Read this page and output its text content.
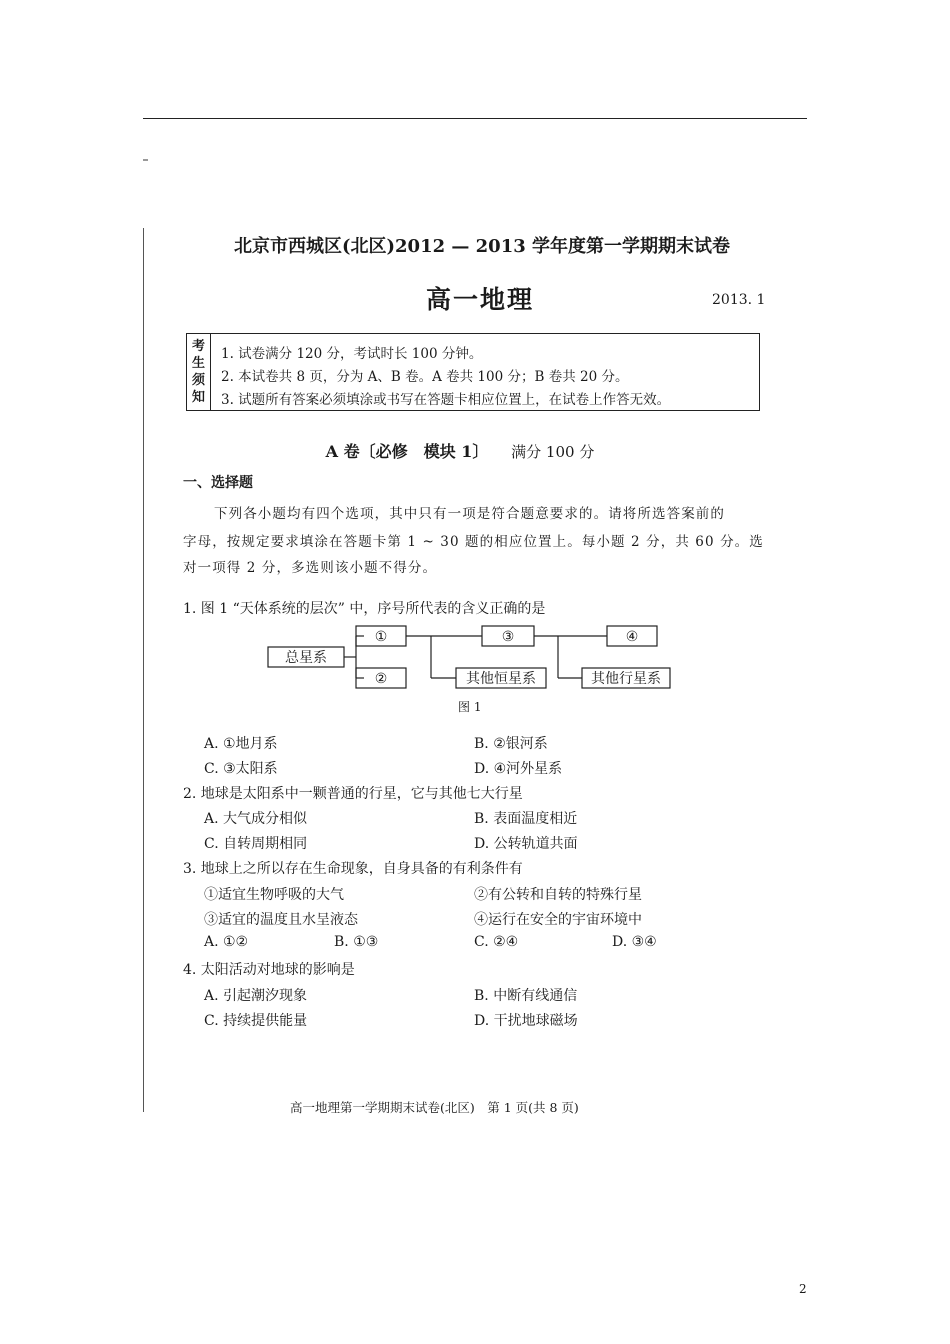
北京市西城区(北区)2012 — 2013 学年度第一学期期末试卷
高一地理	2013. 1
考
生
须
知
1. 试卷满分 120 分，考试时长 100 分钟。
2. 本试卷共 8 页，分为 A、B 卷。A 卷共 100 分；B 卷共 20 分。
3. 试题所有答案必须填涂或书写在答题卡相应位置上，在试卷上作答无效。
A 卷〔必修　模块 1〕 满分 100 分
一、选择题
下列各小题均有四个选项，其中只有一项是符合题意要求的。请将所选答案前的
字母，按规定要求填涂在答题卡第 1 ~ 30 题的相应位置上。每小题 2 分，共 60 分。选
对一项得 2 分，多选则该小题不得分。
1. 图 1 “天体系统的层次” 中，序号所代表的含义正确的是
总星系
①
②
③
其他恒星系
④
其他行星系
图 1
A. ①地月系	B. ②银河系
C. ③太阳系	D. ④河外星系
2. 地球是太阳系中一颗普通的行星，它与其他七大行星
A. 大气成分相似	B. 表面温度相近
C. 自转周期相同	D. 公转轨道共面
3. 地球上之所以存在生命现象，自身具备的有利条件有
①适宜生物呼吸的大气	②有公转和自转的特殊行星
③适宜的温度且水呈液态	④运行在安全的宇宙环境中
A. ①②	B. ①③	C. ②④	D. ③④
4. 太阳活动对地球的影响是
A. 引起潮汐现象	B. 中断有线通信
C. 持续提供能量	D. 干扰地球磁场
高一地理第一学期期末试卷(北区)　第 1 页(共 8 页)
2
